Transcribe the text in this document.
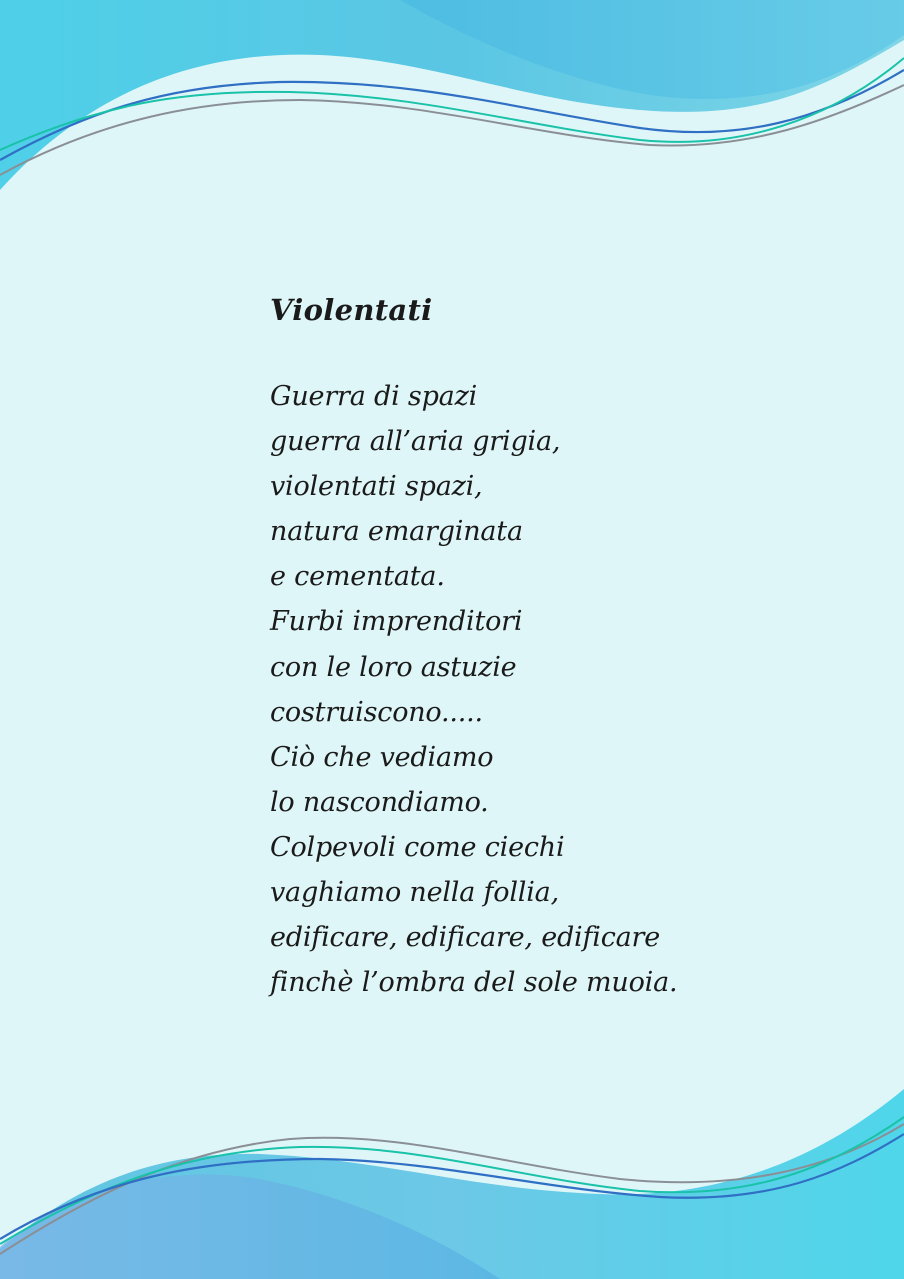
Violentati
Guerra di spazi
guerra all’aria grigia,
violentati spazi,
natura emarginata
e cementata.
Furbi imprenditori
con le loro astuzie
costruiscono.....
Ciò che vediamo
lo nascondiamo.
Colpevoli come ciechi
vaghiamo nella follia,
edificare, edificare, edificare
finchè l’ombra del sole muoia.
